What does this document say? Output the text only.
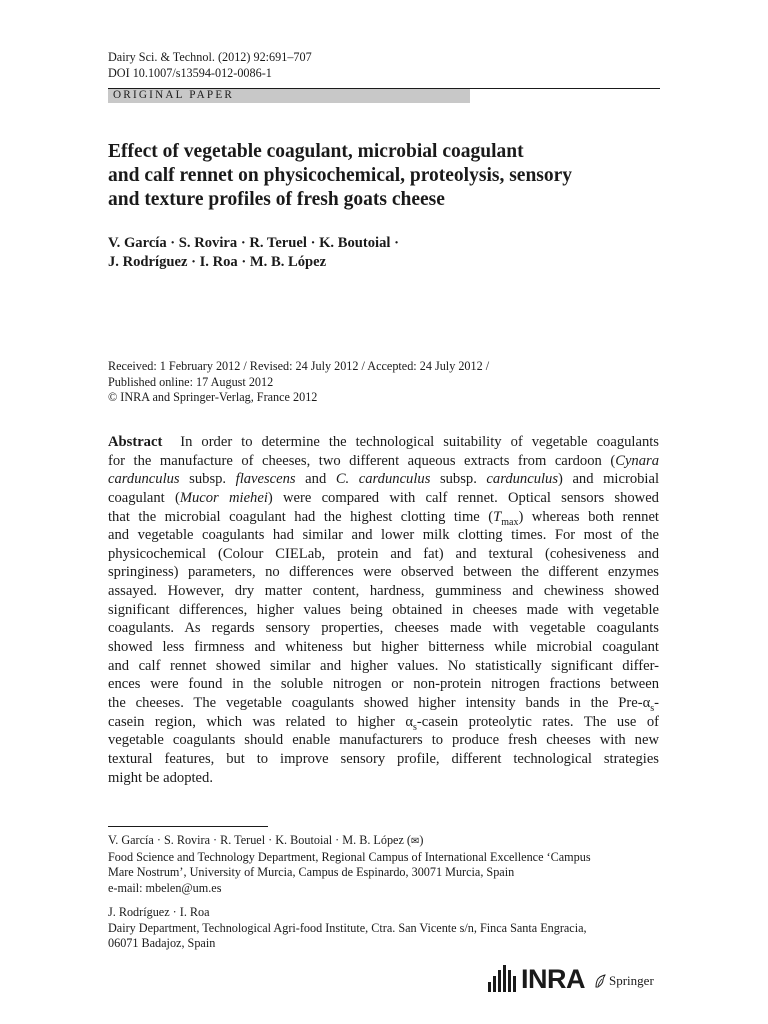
Dairy Sci. & Technol. (2012) 92:691–707
DOI 10.1007/s13594-012-0086-1
ORIGINAL PAPER
Effect of vegetable coagulant, microbial coagulant
and calf rennet on physicochemical, proteolysis, sensory
and texture profiles of fresh goats cheese
V. García · S. Rovira · R. Teruel · K. Boutoial ·
J. Rodríguez · I. Roa · M. B. López
Received: 1 February 2012 / Revised: 24 July 2012 / Accepted: 24 July 2012 /
Published online: 17 August 2012
© INRA and Springer-Verlag, France 2012
Abstract In order to determine the technological suitability of vegetable coagulants
for the manufacture of cheeses, two different aqueous extracts from cardoon (Cynara
cardunculus subsp. flavescens and C. cardunculus subsp. cardunculus) and microbial
coagulant (Mucor miehei) were compared with calf rennet. Optical sensors showed
that the microbial coagulant had the highest clotting time $(T_{max})$ whereas both rennet
and vegetable coagulants had similar and lower milk clotting times. For most of the
physicochemical (Colour CIELab, protein and fat) and textural (cohesiveness and
springiness) parameters, no differences were observed between the different enzymes
assayed. However, dry matter content, hardness, gumminess and chewiness showed
significant differences, higher values being obtained in cheeses made with vegetable
coagulants. As regards sensory properties, cheeses made with vegetable coagulants
showed less firmness and whiteness but higher bitterness while microbial coagulant
and calf rennet showed similar and higher values. No statistically significant differ-
ences were found in the soluble nitrogen or non-protein nitrogen fractions between
the cheeses. The vegetable coagulants showed higher intensity bands in the Pre-$\alpha_s-$
casein region, which was related to higher $\alpha_s$-casein proteolytic rates. The use of
vegetable coagulants should enable manufacturers to produce fresh cheeses with new
textural features, but to improve sensory profile, different technological strategies
might be adopted.
V. García · S. Rovira · R. Teruel · K. Boutoial · M. B. López (✉)
Food Science and Technology Department, Regional Campus of International Excellence ‘Campus
Mare Nostrum’, University of Murcia, Campus de Espinardo, 30071 Murcia, Spain
e-mail: mbelen@um.es
J. Rodríguez · I. Roa
Dairy Department, Technological Agri-food Institute, Ctra. San Vicente s/n, Finca Santa Engracia,
06071 Badajoz, Spain
INRA Springer
